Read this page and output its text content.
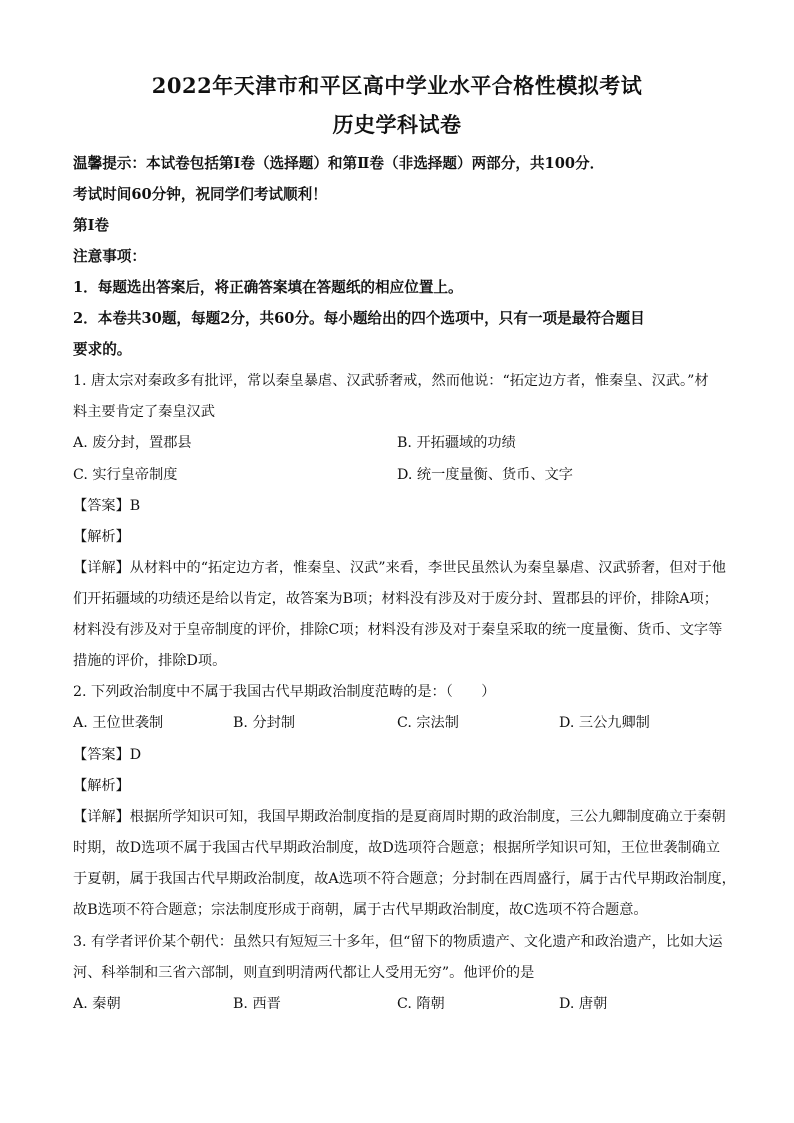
2022年天津市和平区高中学业水平合格性模拟考试
历史学科试卷
温馨提示：本试卷包括第Ⅰ卷（选择题）和第Ⅱ卷（非选择题）两部分，共100分．
考试时间60分钟，祝同学们考试顺利！
第Ⅰ卷
注意事项：
1．每题选出答案后，将正确答案填在答题纸的相应位置上。
2．本卷共30题，每题2分，共60分。每小题给出的四个选项中，只有一项是最符合题目
要求的。
1. 唐太宗对秦政多有批评，常以秦皇暴虐、汉武骄奢戒，然而他说：“拓定边方者，惟秦皇、汉武。”材
料主要肯定了秦皇汉武
A. 废分封，置郡县	B. 开拓疆域的功绩
C. 实行皇帝制度	D. 统一度量衡、货币、文字
【答案】B
【解析】
【详解】从材料中的“拓定边方者，惟秦皇、汉武”来看，李世民虽然认为秦皇暴虐、汉武骄奢，但对于他
们开拓疆域的功绩还是给以肯定，故答案为B项；材料没有涉及对于废分封、置郡县的评价，排除A项；
材料没有涉及对于皇帝制度的评价，排除C项；材料没有涉及对于秦皇采取的统一度量衡、货币、文字等
措施的评价，排除D项。
2. 下列政治制度中不属于我国古代早期政治制度范畴的是：（　　）
A. 王位世袭制	B. 分封制	C. 宗法制	D. 三公九卿制
【答案】D
【解析】
【详解】根据所学知识可知，我国早期政治制度指的是夏商周时期的政治制度，三公九卿制度确立于秦朝
时期，故D选项不属于我国古代早期政治制度，故D选项符合题意；根据所学知识可知，王位世袭制确立
于夏朝，属于我国古代早期政治制度，故A选项不符合题意；分封制在西周盛行，属于古代早期政治制度，
故B选项不符合题意；宗法制度形成于商朝，属于古代早期政治制度，故C选项不符合题意。
3. 有学者评价某个朝代：虽然只有短短三十多年，但“留下的物质遗产、文化遗产和政治遗产，比如大运
河、科举制和三省六部制，则直到明清两代都让人受用无穷”。他评价的是
A. 秦朝	B. 西晋	C. 隋朝	D. 唐朝
